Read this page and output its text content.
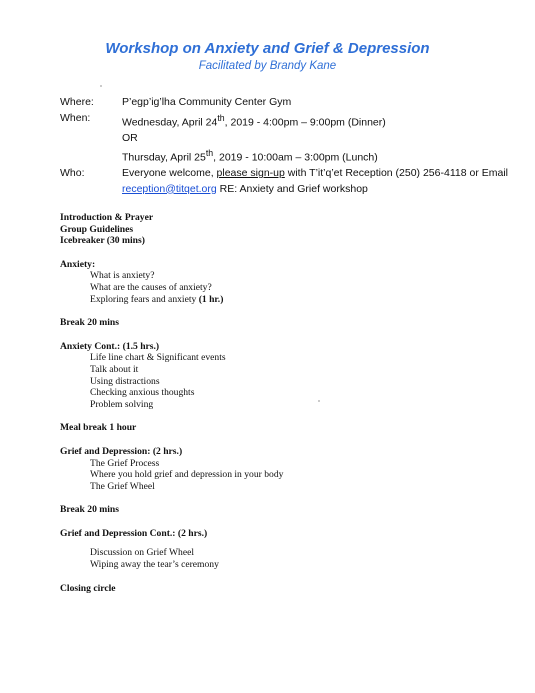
Workshop on Anxiety and Grief & Depression
Facilitated by Brandy Kane
Where:	P’egp’ig’lha Community Center Gym
When:	Wednesday, April 24th, 2019 - 4:00pm – 9:00pm (Dinner)
OR
Thursday, April 25th, 2019 - 10:00am – 3:00pm (Lunch)
Who:	Everyone welcome, please sign-up with T’it’q’et Reception (250) 256-4118 or Email reception@titqet.org RE: Anxiety and Grief workshop
Introduction & Prayer
Group Guidelines
Icebreaker (30 mins)
Anxiety:
What is anxiety?
What are the causes of anxiety?
Exploring fears and anxiety (1 hr.)
Break 20 mins
Anxiety Cont.: (1.5 hrs.)
Life line chart & Significant events
Talk about it
Using distractions
Checking anxious thoughts
Problem solving
Meal break 1 hour
Grief and Depression: (2 hrs.)
The Grief Process
Where you hold grief and depression in your body
The Grief Wheel
Break 20 mins
Grief and Depression Cont.: (2 hrs.)
Discussion on Grief Wheel
Wiping away the tear’s ceremony
Closing circle
